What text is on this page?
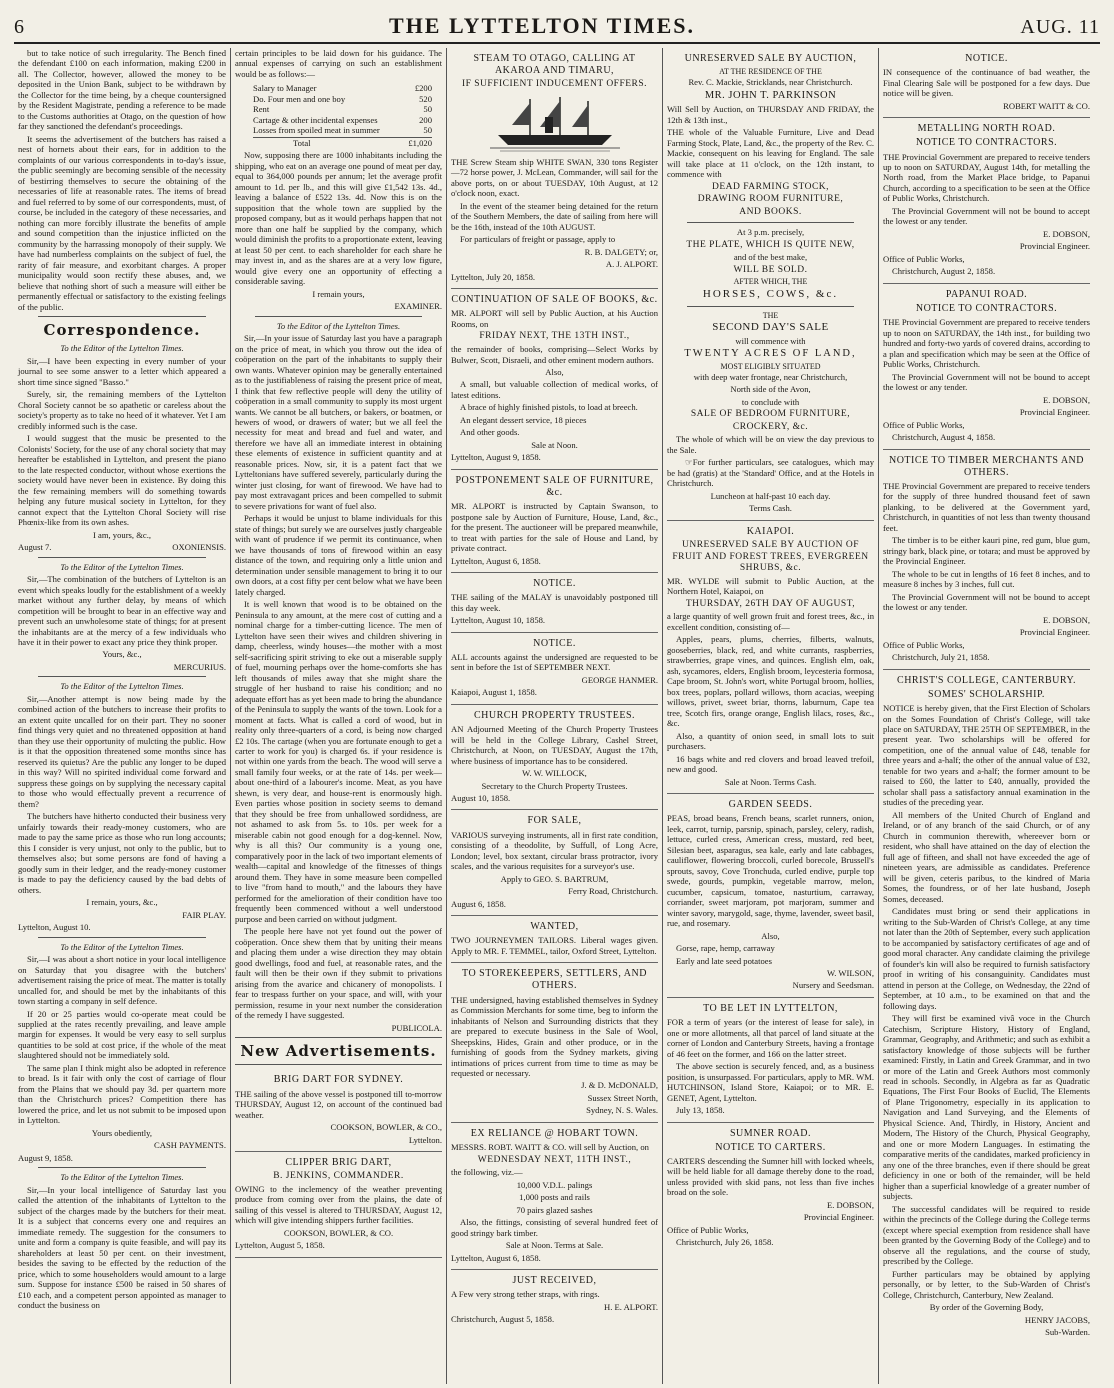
6	THE LYTTELTON TIMES.	AUG. 11

but to take notice of such irregularity. The Bench fined the defendant £100 on each information, making £200 in all. The Collector, however, allowed the money to be deposited in the Union Bank, subject to be withdrawn by the Collector for the time being, by a cheque countersigned by the Resident Magistrate, pending a reference to be made to the Customs authorities at Otago, on the question of how far they sanctioned the defendant's proceedings.

It seems the advertisement of the butchers has raised a nest of hornets about their ears, for in addition to the complaints of our various correspondents in to-day's issue, the public seemingly are becoming sensible of the necessity of bestirring themselves to secure the obtaining of the necessaries of life at reasonable rates. The items of bread and fuel referred to by some of our correspondents, must, of course, be included in the category of these necessaries, and nothing can more forcibly illustrate the benefits of ample and sound competition than the injustice inflicted on the community by the harrassing monopoly of their supply. We have had numberless complaints on the subject of fuel, the rarity of fair measure, and exorbitant charges. A proper municipality would soon rectify these abuses, and, we believe that nothing short of such a measure will either be permanently effectual or satisfactory to the existing feelings of the public.

Correspondence.

To the Editor of the Lyttelton Times.

Sir,—I have been expecting in every number of your journal to see some answer to a letter which appeared a short time since signed "Basso."

Surely, sir, the remaining members of the Lyttelton Choral Society cannot be so apathetic or careless about the society's property as to take no heed of it whatever. Yet I am credibly informed such is the case.

I would suggest that the music be presented to the Colonists' Society, for the use of any choral society that may hereafter be established in Lyttelton, and present the piano to the late respected conductor, without whose exertions the society would have never been in existence. By doing this the few remaining members will do something towards helping any future musical society in Lyttelton, for they cannot expect that the Lyttelton Choral Society will rise Phœnix-like from its own ashes.

I am, yours, &c.,

August 7.	OXONIENSIS.

To the Editor of the Lyttelton Times.

Sir,—The combination of the butchers of Lyttelton is an event which speaks loudly for the establishment of a weekly market without any further delay, by means of which competition will be brought to bear in an effective way and prevent such an unwholesome state of things; for at present the inhabitants are at the mercy of a few individuals who have it in their power to exact any price they think proper.

Yours, &c.,

MERCURIUS.

To the Editor of the Lyttelton Times.

Sir,—Another attempt is now being made by the combined action of the butchers to increase their profits to an extent quite uncalled for on their part. They no sooner find things very quiet and no threatened opposition at hand than they use their opportunity of mulcting the public. How is it that the opposition threatened some months since has reserved its quietus? Are the public any longer to be duped in this way? Will no spirited individual come forward and suppress these goings on by supplying the necessary capital to those who would effectually prevent a recurrence of them?

The butchers have hitherto conducted their business very unfairly towards their ready-money customers, who are made to pay the same price as those who run long accounts; this I consider is very unjust, not only to the public, but to themselves also; but some persons are fond of having a goodly sum in their ledger, and the ready-money customer is made to pay the deficiency caused by the bad debts of others.

I remain, yours, &c.,

FAIR PLAY.

Lyttelton, August 10.

To the Editor of the Lyttelton Times.

Sir,—I was about a short notice in your local intelligence on Saturday that you disagree with the butchers' advertisement raising the price of meat. The matter is totally uncalled for, and should be met by the inhabitants of this town starting a company in self defence.

If 20 or 25 parties would co-operate meat could be supplied at the rates recently prevailing, and leave ample margin for expenses. It would be very easy to sell surplus quantities to be sold at cost price, if the whole of the meat slaughtered should not be immediately sold.

The same plan I think might also be adopted in reference to bread. Is it fair with only the cost of carriage of flour from the Plains that we should pay 3d. per quartern more than the Christchurch prices? Competition there has lowered the price, and let us not submit to be imposed upon in Lyttelton.

Yours obediently,

CASH PAYMENTS.

August 9, 1858.

To the Editor of the Lyttelton Times.

Sir,—In your local intelligence of Saturday last you called the attention of the inhabitants of Lyttelton to the subject of the charges made by the butchers for their meat. It is a subject that concerns every one and requires an immediate remedy. The suggestion for the consumers to unite and form a company is quite feasible, and will pay its shareholders at least 50 per cent. on their investment, besides the saving to be effected by the reduction of the price, which to some householders would amount to a large sum. Suppose for instance £500 be raised in 50 shares of £10 each, and a competent person appointed as manager to conduct the business on

certain principles to be laid down for his guidance. The annual expenses of carrying on such an establishment would be as follows:—

Salary to Manager	£200
Do. Four men and one boy	520
Rent	50
Cartage & other incidental expenses	200
Losses from spoiled meat in summer	50
Total	£1,020

Now, supposing there are 1000 inhabitants including the shipping, who eat on an average one pound of meat per day, equal to 364,000 pounds per annum; let the average profit amount to 1d. per lb., and this will give £1,542 13s. 4d., leaving a balance of £522 13s. 4d. Now this is on the supposition that the whole town are supplied by the proposed company, but as it would perhaps happen that not more than one half be supplied by the company, which would diminish the profits to a proportionate extent, leaving at least 50 per cent. to each shareholder for each share he may invest in, and as the shares are at a very low figure, would give every one an opportunity of effecting a considerable saving.

I remain yours,

EXAMINER.

To the Editor of the Lyttelton Times.

Sir,—In your issue of Saturday last you have a paragraph on the price of meat, in which you throw out the idea of coöperation on the part of the inhabitants to supply their own wants. Whatever opinion may be generally entertained as to the justifiableness of raising the present price of meat, I think that few reflective people will deny the utility of coöperation in a small community to supply its most urgent wants. We cannot be all butchers, or bakers, or boatmen, or hewers of wood, or drawers of water; but we all feel the necessity for meat and bread and fuel and water, and therefore we have all an immediate interest in obtaining these elements of existence in sufficient quantity and at reasonable prices. Now, sir, it is a patent fact that we Lytteltonians have suffered severely, particularly during the winter just closing, for want of firewood. We have had to pay most extravagant prices and been compelled to submit to severe privations for want of fuel also.

Perhaps it would be unjust to blame individuals for this state of things; but surely we are ourselves justly chargeable with want of prudence if we permit its continuance, when we have thousands of tons of firewood within an easy distance of the town, and requiring only a little union and determination under sensible management to bring it to our own doors, at a cost fifty per cent below what we have been lately charged.

It is well known that wood is to be obtained on the Peninsula to any amount, at the mere cost of cutting and a nominal charge for a timber-cutting licence. The men of Lyttelton have seen their wives and children shivering in damp, cheerless, windy houses—the mother with a most self-sacrificing spirit striving to eke out a miserable supply of fuel, mourning perhaps over the home-comforts she has left thousands of miles away that she might share the struggle of her husband to raise his condition; and no adequate effort has as yet been made to bring the abundance of the Peninsula to supply the wants of the town. Look for a moment at facts. What is called a cord of wood, but in reality only three-quarters of a cord, is being now charged £2 10s. The cartage (when you are fortunate enough to get a carter to work for you) is charged 6s. if your residence is not within one yards from the beach. The wood will serve a small family four weeks, or at the rate of 14s. per week—about one-third of a labourer's income. Meat, as you have shewn, is very dear, and house-rent is enormously high. Even parties whose position in society seems to demand that they should be free from unhallowed sordidness, are not ashamed to ask from 5s. to 10s. per week for a miserable cabin not good enough for a dog-kennel. Now, why is all this? Our community is a young one, comparatively poor in the lack of two important elements of wealth—capital and knowledge of the fitnesses of things around them. They have in some measure been compelled to live "from hand to mouth," and the labours they have performed for the amelioration of their condition have too frequently been commenced without a well understood purpose and been carried on without judgment.

The people here have not yet found out the power of coöperation. Once shew them that by uniting their means and placing them under a wise direction they may obtain good dwellings, food and fuel, at reasonable rates, and the fault will then be their own if they submit to privations arising from the avarice and chicanery of monopolists. I fear to trespass further on your space, and will, with your permission, resume in your next number the consideration of the remedy I have suggested.

PUBLICOLA.

New Advertisements.
BRIG DART FOR SYDNEY.

THE sailing of the above vessel is postponed till to-morrow THURSDAY, August 12, on account of the continued bad weather.

COOKSON, BOWLER, & CO.,

Lyttelton.

CLIPPER BRIG DART,
B. JENKINS, COMMANDER.

OWING to the inclemency of the weather preventing produce from coming over from the plains, the date of sailing of this vessel is altered to THURSDAY, August 12, which will give intending shippers further facilities.

COOKSON, BOWLER, & CO.

Lyttelton, August 5, 1858.

STEAM TO OTAGO, CALLING AT AKAROA AND TIMARU,
IF SUFFICIENT INDUCEMENT OFFERS.

THE Screw Steam ship WHITE SWAN, 330 tons Register—72 horse power, J. McLean, Commander, will sail for the above ports, on or about TUESDAY, 10th August, at 12 o'clock noon, exact.

In the event of the steamer being detained for the return of the Southern Members, the date of sailing from here will be the 16th, instead of the 10th AUGUST.

For particulars of freight or passage, apply to

R. B. DALGETY; or,

A. J. ALPORT.

Lyttelton, July 20, 1858.

CONTINUATION OF SALE OF BOOKS, &c.

MR. ALPORT will sell by Public Auction, at his Auction Rooms, on

FRIDAY NEXT, THE 13TH INST.,

the remainder of books, comprising—Select Works by Bulwer, Scott, Disraeli, and other eminent modern authors.

Also,

A small, but valuable collection of medical works, of latest editions.

A brace of highly finished pistols, to load at breech.

An elegant dessert service, 18 pieces

And other goods.

Sale at Noon.

Lyttelton, August 9, 1858.

POSTPONEMENT SALE OF FURNITURE, &c.

MR. ALPORT is instructed by Captain Swanson, to postpone sale by Auction of Furniture, House, Land, &c., for the present. The auctioneer will be prepared meanwhile, to treat with parties for the sale of House and Land, by private contract.

Lyttelton, August 6, 1858.

NOTICE.

THE sailing of the MALAY is unavoidably postponed till this day week.

Lyttelton, August 10, 1858.

NOTICE.

ALL accounts against the undersigned are requested to be sent in before the 1st of SEPTEMBER NEXT.

GEORGE HANMER.

Kaiapoi, August 1, 1858.

CHURCH PROPERTY TRUSTEES.

AN Adjourned Meeting of the Church Property Trustees will be held in the College Library, Cashel Street, Christchurch, at Noon, on TUESDAY, August the 17th, where business of importance has to be considered.

W. W. WILLOCK,

Secretary to the Church Property Trustees.

August 10, 1858.

FOR SALE,

VARIOUS surveying instruments, all in first rate condition, consisting of a theodolite, by Suffull, of Long Acre, London; level, box sextant, circular brass protractor, ivory scales, and the various requisites for a surveyor's use.

Apply to GEO. S. BARTRUM,

Ferry Road, Christchurch.

August 6, 1858.

WANTED,

TWO JOURNEYMEN TAILORS. Liberal wages given. Apply to MR. F. TEMMEL, tailor, Oxford Street, Lyttelton.

TO STOREKEEPERS, SETTLERS, AND OTHERS.

THE undersigned, having established themselves in Sydney as Commission Merchants for some time, beg to inform the inhabitants of Nelson and Surrounding districts that they are prepared to execute business in the Sale of Wool, Sheepskins, Hides, Grain and other produce, or in the furnishing of goods from the Sydney markets, giving intimations of prices current from time to time as may be requested or necessary.

J. & D. McDONALD,

Sussex Street North,

Sydney, N. S. Wales.

EX RELIANCE @ HOBART TOWN.

MESSRS. ROBT. WAITT & CO. will sell by Auction, on

WEDNESDAY NEXT, 11TH INST.,

the following, viz.—

10,000 V.D.L. palings

1,000 posts and rails

70 pairs glazed sashes

Also, the fittings, consisting of several hundred feet of good stringy bark timber.

Sale at Noon. Terms at Sale.

Lyttelton, August 6, 1858.

JUST RECEIVED,

A Few very strong tether straps, with rings.

H. E. ALPORT.

Christchurch, August 5, 1858.

UNRESERVED SALE BY AUCTION,
AT THE RESIDENCE OF THE
Rev. C. Mackie, Stricklands, near Christchurch.
MR. JOHN T. PARKINSON

Will Sell by Auction, on THURSDAY AND FRIDAY, the 12th & 13th inst.,

THE whole of the Valuable Furniture, Live and Dead Farming Stock, Plate, Land, &c., the property of the Rev. C. Mackie, consequent on his leaving for England. The sale will take place at 11 o'clock, on the 12th instant, to commence with

DEAD FARMING STOCK,
DRAWING ROOM FURNITURE,
AND BOOKS.

At 3 p.m. precisely,

THE PLATE, WHICH IS QUITE NEW,

and of the best make,

WILL BE SOLD.
AFTER WHICH, THE
HORSES, COWS, &c.
THE
SECOND DAY'S SALE

will commence with

TWENTY ACRES OF LAND,
MOST ELIGIBLY SITUATED

with deep water frontage, near Christchurch,

North side of the Avon,

to conclude with

SALE OF BEDROOM FURNITURE,
CROCKERY, &c.

The whole of which will be on view the day previous to the Sale.

☞For further particulars, see catalogues, which may be had (gratis) at the 'Standard' Office, and at the Hotels in Christchurch.

Luncheon at half-past 10 each day.

Terms Cash.

KAIAPOI.
UNRESERVED SALE BY AUCTION OF FRUIT AND FOREST TREES, EVERGREEN SHRUBS, &c.

MR. WYLDE will submit to Public Auction, at the Northern Hotel, Kaiapoi, on

THURSDAY, 26TH DAY OF AUGUST,

a large quantity of well grown fruit and forest trees, &c., in excellent condition, consisting of—

Apples, pears, plums, cherries, filberts, walnuts, gooseberries, black, red, and white currants, raspberries, strawberries, grape vines, and quinces. English elm, oak, ash, sycamores, elders, English broom, leycesteria formosa, Cape broom, St. John's wort, white Portugal broom, hollies, box trees, poplars, pollard willows, thorn acacias, weeping willows, privet, sweet briar, thorns, laburnum, Cape tea tree, Scotch firs, orange orange, English lilacs, roses, &c., &c.

Also, a quantity of onion seed, in small lots to suit purchasers.

16 bags white and red clovers and broad leaved trefoil, new and good.

Sale at Noon. Terms Cash.

GARDEN SEEDS.

PEAS, broad beans, French beans, scarlet runners, onion, leek, carrot, turnip, parsnip, spinach, parsley, celery, radish, lettuce, curled cress, American cress, mustard, red beet, Silesian beet, asparagus, sea kale, early and late cabbages, cauliflower, flowering broccoli, curled borecole, Brussell's sprouts, savoy, Cove Tronchuda, curled endive, purple top swede, gourds, pumpkin, vegetable marrow, melon, cucumber, capsicum, tomatoe, nasturtium, carraway, corriander, sweet marjoram, pot marjoram, summer and winter savory, marygold, sage, thyme, lavender, sweet basil, rue, and rosemary.

Also,

Gorse, rape, hemp, carraway

Early and late seed potatoes

W. WILSON,

Nursery and Seedsman.

TO BE LET IN LYTTELTON,

FOR a term of years (or the interest of lease for sale), in one or more allotments, all that parcel of land situate at the corner of London and Canterbury Streets, having a frontage of 46 feet on the former, and 166 on the latter street.

The above section is securely fenced, and, as a business position, is unsurpassed. For particulars, apply to MR. WM. HUTCHINSON, Island Store, Kaiapoi; or to MR. E. GENET, Agent, Lyttelton.

July 13, 1858.

SUMNER ROAD.
NOTICE TO CARTERS.

CARTERS descending the Sumner hill with locked wheels, will be held liable for all damage thereby done to the road, unless provided with skid pans, not less than five inches broad on the sole.

E. DOBSON,

Provincial Engineer.

Office of Public Works,

Christchurch, July 26, 1858.

NOTICE.

IN consequence of the continuance of bad weather, the Final Clearing Sale will be postponed for a few days. Due notice will be given.

ROBERT WAITT & CO.

METALLING NORTH ROAD.
NOTICE TO CONTRACTORS.

THE Provincial Government are prepared to receive tenders up to noon on SATURDAY, August 14th, for metalling the North road, from the Market Place bridge, to Papanui Church, according to a specification to be seen at the Office of Public Works, Christchurch.

The Provincial Government will not be bound to accept the lowest or any tender.

E. DOBSON,

Provincial Engineer.

Office of Public Works,

Christchurch, August 2, 1858.

PAPANUI ROAD.
NOTICE TO CONTRACTORS.

THE Provincial Government are prepared to receive tenders up to noon on SATURDAY, the 14th inst., for building two hundred and forty-two yards of covered drains, according to a plan and specification which may be seen at the Office of Public Works, Christchurch.

The Provincial Government will not be bound to accept the lowest or any tender.

E. DOBSON,

Provincial Engineer.

Office of Public Works,

Christchurch, August 4, 1858.

NOTICE TO TIMBER MERCHANTS AND OTHERS.

THE Provincial Government are prepared to receive tenders for the supply of three hundred thousand feet of sawn planking, to be delivered at the Government yard, Christchurch, in quantities of not less than twenty thousand feet.

The timber is to be either kauri pine, red gum, blue gum, stringy bark, black pine, or totara; and must be approved by the Provincial Engineer.

The whole to be cut in lengths of 16 feet 8 inches, and to measure 8 inches by 3 inches, full cut.

The Provincial Government will not be bound to accept the lowest or any tender.

E. DOBSON,

Provincial Engineer.

Office of Public Works,

Christchurch, July 21, 1858.

CHRIST'S COLLEGE, CANTERBURY.
SOMES' SCHOLARSHIP.

NOTICE is hereby given, that the First Election of Scholars on the Somes Foundation of Christ's College, will take place on SATURDAY, THE 25TH OF SEPTEMBER, in the present year. Two scholarships will be offered for competition, one of the annual value of £48, tenable for three years and a-half; the other of the annual value of £32, tenable for two years and a-half; the former amount to be raised to £60, the latter to £40, annually, provided the scholar shall pass a satisfactory annual examination in the studies of the preceding year.

All members of the United Church of England and Ireland, or of any branch of the said Church, or of any Church in communion therewith, whereever born or resident, who shall have attained on the day of election the full age of fifteen, and shall not have exceeded the age of nineteen years, are admissible as candidates. Preference will be given, ceteris paribus, to the kindred of Maria Somes, the foundress, or of her late husband, Joseph Somes, deceased.

Candidates must bring or send their applications in writing to the Sub-Warden of Christ's College, at any time not later than the 20th of September, every such application to be accompanied by satisfactory certificates of age and of good moral character. Any candidate claiming the privilege of founder's kin will also be required to furnish satisfactory proof in writing of his consanguinity. Candidates must attend in person at the College, on Wednesday, the 22nd of September, at 10 a.m., to be examined on that and the following days.

They will first be examined vivâ voce in the Church Catechism, Scripture History, History of England, Grammar, Geography, and Arithmetic; and such as exhibit a satisfactory knowledge of those subjects will be further examined: Firstly, in Latin and Greek Grammar, and in two or more of the Latin and Greek Authors most commonly read in schools. Secondly, in Algebra as far as Quadratic Equations, The First Four Books of Euclid, The Elements of Plane Trigonometry, especially in its application to Navigation and Land Surveying, and the Elements of Physical Science. And, Thirdly, in History, Ancient and Modern, The History of the Church, Physical Geography, and one or more Modern Languages. In estimating the comparative merits of the candidates, marked proficiency in any one of the three branches, even if there should be great deficiency in one or both of the remainder, will be held higher than a superficial knowledge of a greater number of subjects.

The successful candidates will be required to reside within the precincts of the College during the College terms (except where special exemption from residence shall have been granted by the Governing Body of the College) and to observe all the regulations, and the course of study, prescribed by the College.

Further particulars may be obtained by applying personally, or by letter, to the Sub-Warden of Christ's College, Christchurch, Canterbury, New Zealand.

By order of the Governing Body,

HENRY JACOBS,

Sub-Warden.
